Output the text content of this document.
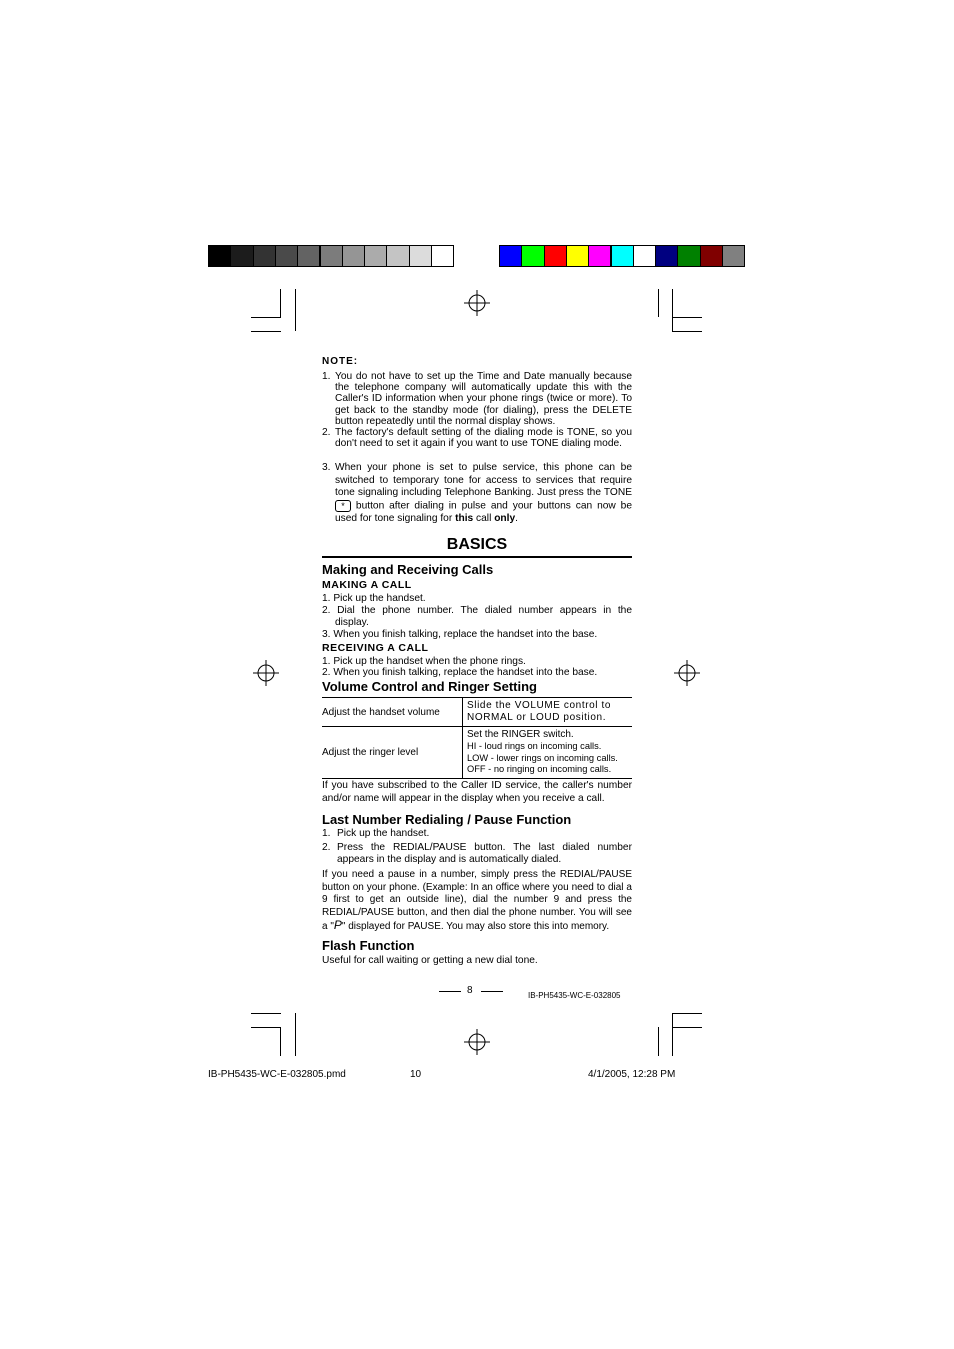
NOTE:
1. You do not have to set up the Time and Date manually because the telephone company will automatically update this with the Caller's ID information when your phone rings (twice or more). To get back to the standby mode (for dialing), press the DELETE button repeatedly until the normal display shows.
2. The factory's default setting of the dialing mode is TONE, so you don't need to set it again if you want to use TONE dialing mode.
3. When your phone is set to pulse service, this phone can be switched to temporary tone for access to services that require tone signaling including Telephone Banking. Just press the TONE * button after dialing in pulse and your buttons can now be used for tone signaling for this call only.
BASICS
Making and Receiving Calls
MAKING A CALL
1. Pick up the handset.
2. Dial the phone number. The dialed number appears in the
display.
3. When you finish talking, replace the handset into the base.
RECEIVING A CALL
1. Pick up the handset when the phone rings.
2. When you finish talking, replace the handset into the base.
Volume Control and Ringer Setting
Adjust the handset volume	Slide the VOLUME control to
NORMAL or LOUD position.

Adjust the ringer level	Set the RINGER switch.
HI - loud rings on incoming calls.
LOW - lower rings on incoming calls.
OFF - no ringing on incoming calls.
If you have subscribed to the Caller ID service, the caller's number and/or name will appear in the display when you receive a call.
Last Number Redialing / Pause Function
1. Pick up the handset.
2. Press the REDIAL/PAUSE button. The last dialed number appears in the display and is automatically dialed.
If you need a pause in a number, simply press the REDIAL/PAUSE button on your phone. (Example: In an office where you need to dial a 9 first to get an outside line), dial the number 9 and press the REDIAL/PAUSE button, and then dial the phone number. You will see a "P" displayed for PAUSE. You may also store this into memory.
Flash Function
Useful for call waiting or getting a new dial tone.
8	IB-PH5435-WC-E-032805
IB-PH5435-WC-E-032805.pmd	10	4/1/2005, 12:28 PM
